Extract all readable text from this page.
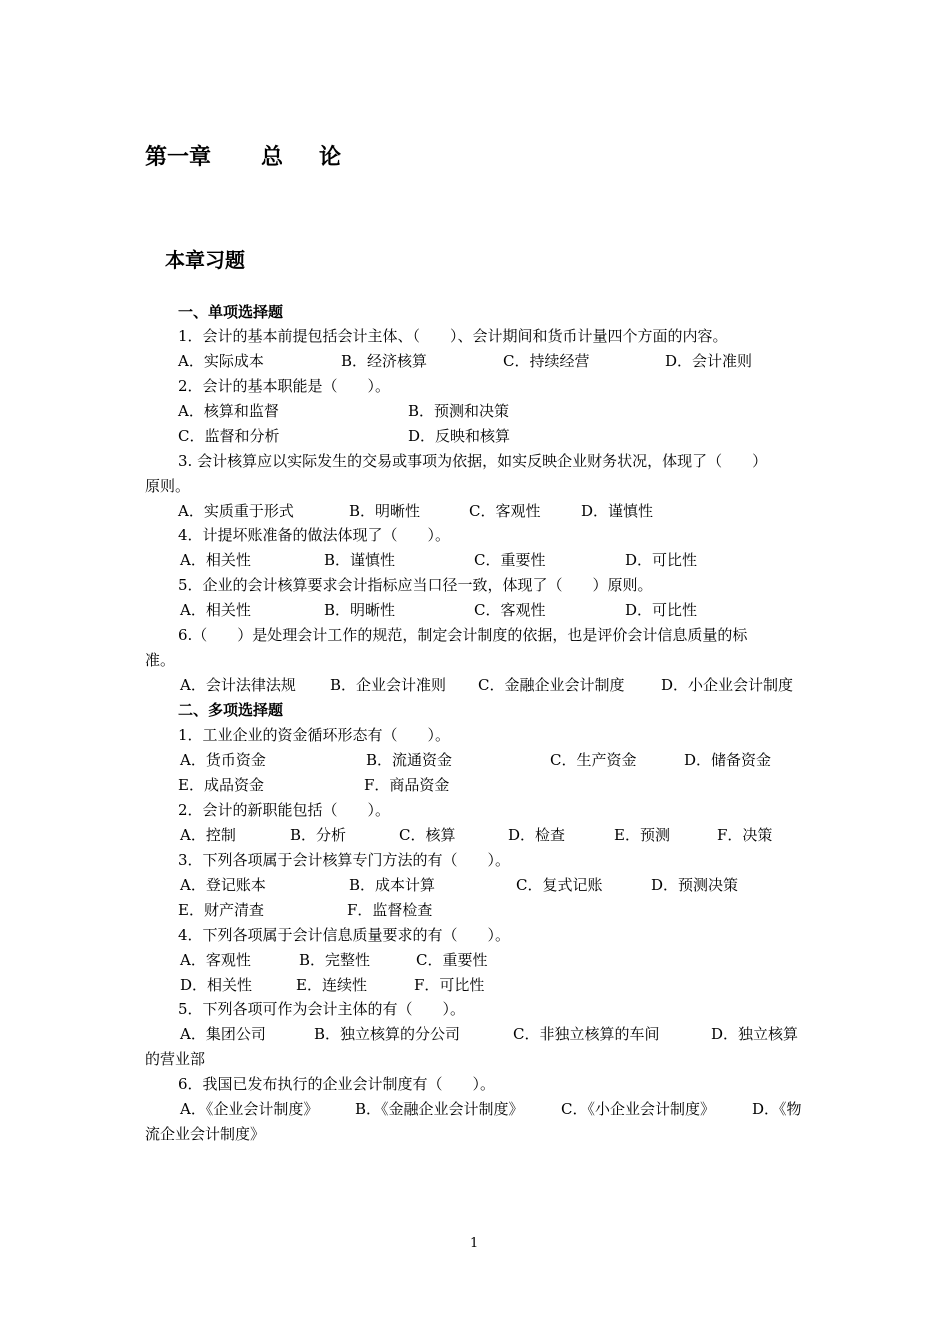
第一章 总 论
本章习题
一、单项选择题
1．会计的基本前提包括会计主体、（　　）、会计期间和货币计量四个方面的内容。
A．实际成本	B．经济核算	C．持续经营	D．会计准则
2．会计的基本职能是（　　）。
A．核算和监督	B．预测和决策
C．监督和分析	D．反映和核算
3. 会计核算应以实际发生的交易或事项为依据，如实反映企业财务状况，体现了（　　）
原则。
A．实质重于形式	B．明晰性	C．客观性	D．谨慎性
4．计提坏账准备的做法体现了（　　）。
A．相关性	B．谨慎性	C．重要性	D．可比性
5．企业的会计核算要求会计指标应当口径一致，体现了（　　）原则。
A．相关性	B．明晰性	C．客观性	D．可比性
6.（　　）是处理会计工作的规范，制定会计制度的依据，也是评价会计信息质量的标
准。
A．会计法律法规 B．企业会计准则 C．金融企业会计制度 D．小企业会计制度
二、多项选择题
1．工业企业的资金循环形态有（　　）。
A．货币资金	B．流通资金	C．生产资金	D．储备资金
E．成品资金	F．商品资金
2．会计的新职能包括（　　）。
A．控制	B．分析	C．核算	D．检查	E．预测	F．决策
3．下列各项属于会计核算专门方法的有（　　）。
A．登记账本	B．成本计算	C．复式记账	D．预测决策
E．财产清查	F．监督检查
4．下列各项属于会计信息质量要求的有（　　）。
A．客观性	B．完整性	C．重要性
D．相关性	E．连续性	F．可比性
5．下列各项可作为会计主体的有（　　）。
A．集团公司	B．独立核算的分公司	C．非独立核算的车间	D．独立核算
的营业部
6．我国已发布执行的企业会计制度有（　　）。
A．《企业会计制度》 B．《金融企业会计制度》 C．《小企业会计制度》 D．《物
流企业会计制度》
1
